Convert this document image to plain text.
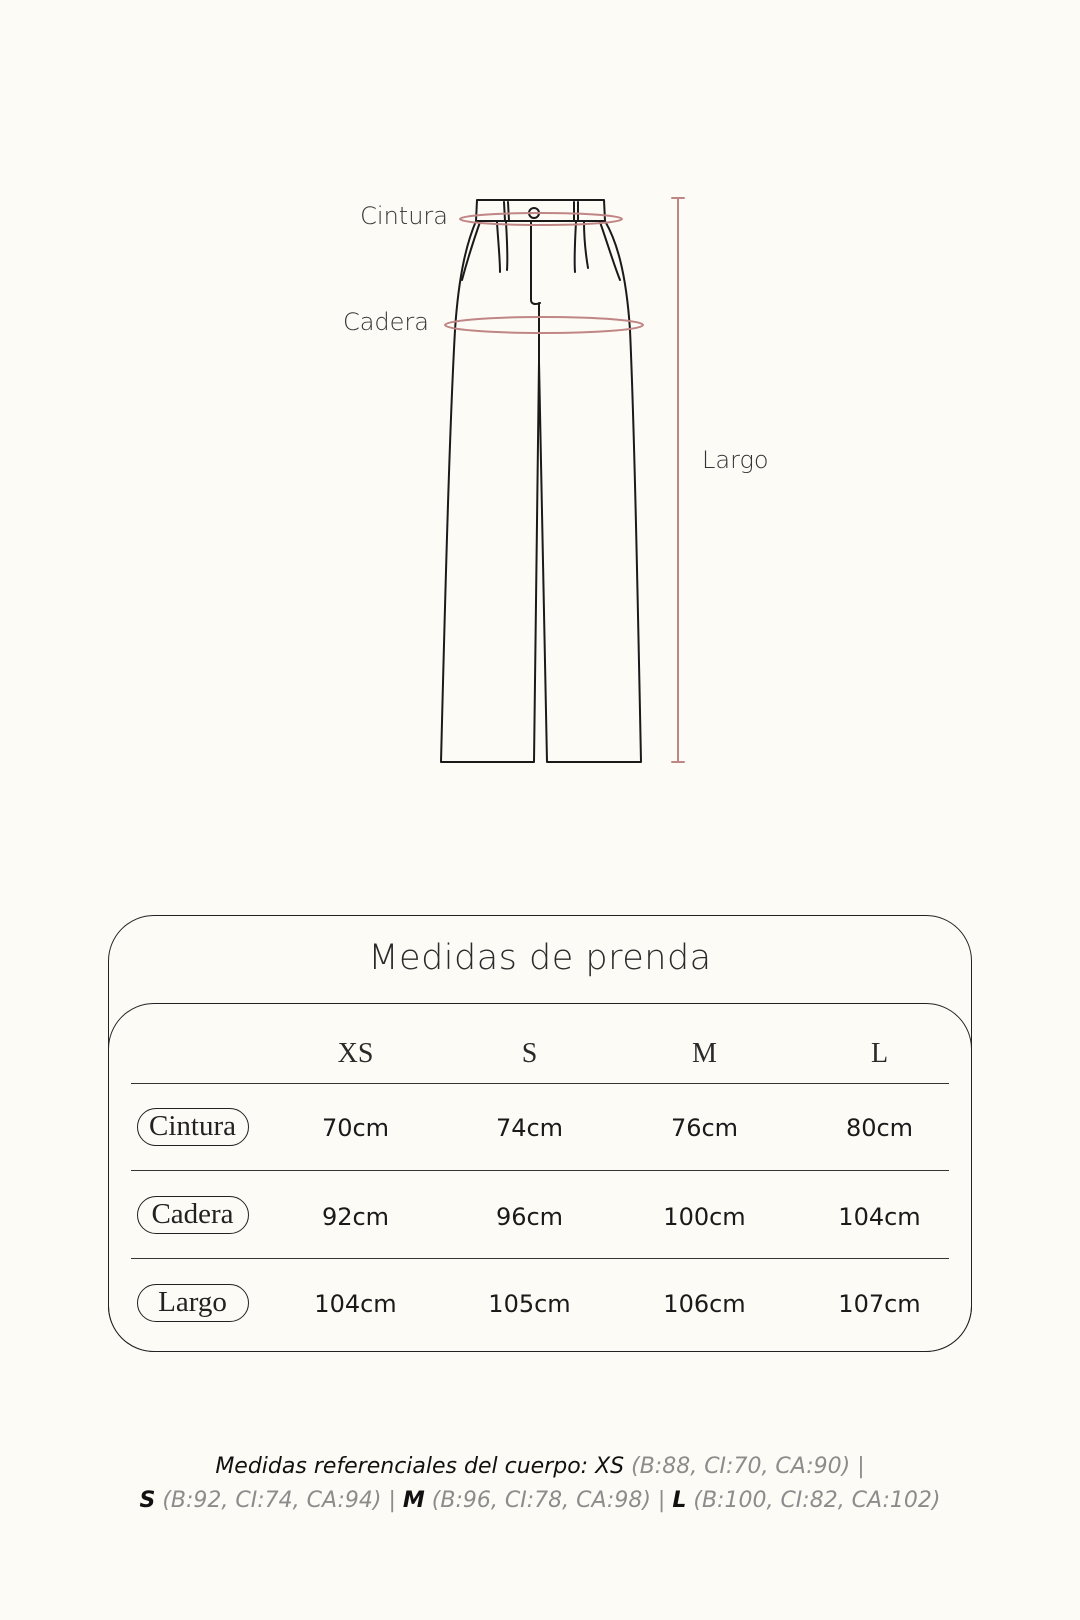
Cintura
Cadera
Largo
Medidas de prenda
XS	S	M	L
Cintura	70cm	74cm	76cm	80cm
Cadera	92cm	96cm	100cm	104cm
Largo	104cm	105cm	106cm	107cm
Medidas referenciales del cuerpo: XS (B:88, CI:70, CA:90) |
S (B:92, CI:74, CA:94) | M (B:96, CI:78, CA:98) | L (B:100, CI:82, CA:102)
